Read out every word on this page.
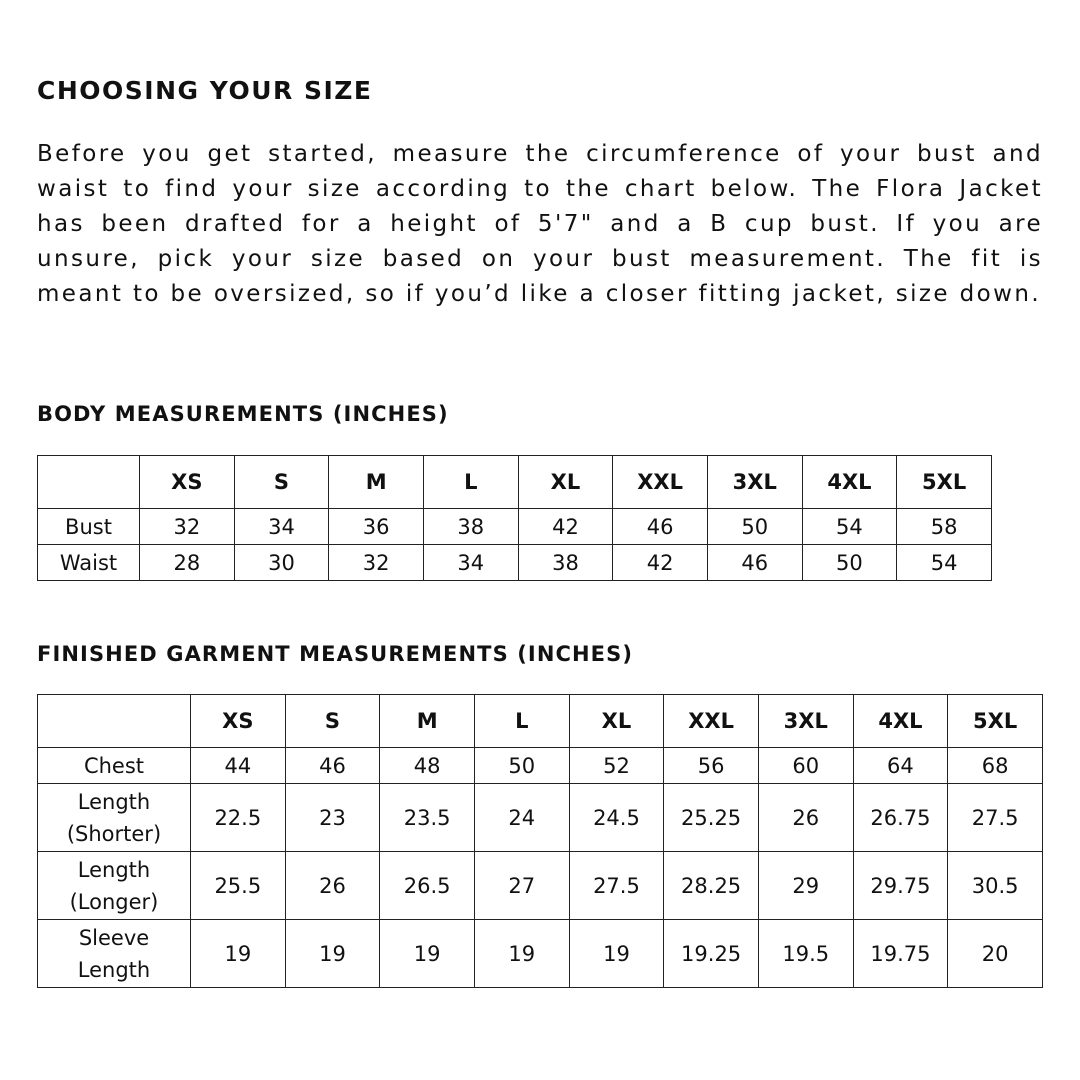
CHOOSING YOUR SIZE

Before you get started, measure the circumference of your bust and waist to find your size according to the chart below. The Flora Jacket has been drafted for a height of 5'7" and a B cup bust. If you are unsure, pick your size based on your bust measurement. The fit is meant to be oversized, so if you’d like a closer fitting jacket, size down.

BODY MEASUREMENTS (INCHES)
	XS	S	M	L	XL	XXL	3XL	4XL	5XL
Bust	32	34	36	38	42	46	50	54	58
Waist	28	30	32	34	38	42	46	50	54
FINISHED GARMENT MEASUREMENTS (INCHES)
	XS	S	M	L	XL	XXL	3XL	4XL	5XL
Chest	44	46	48	50	52	56	60	64	68
Length
(Shorter)	22.5	23	23.5	24	24.5	25.25	26	26.75	27.5
Length
(Longer)	25.5	26	26.5	27	27.5	28.25	29	29.75	30.5
Sleeve
Length	19	19	19	19	19	19.25	19.5	19.75	20
